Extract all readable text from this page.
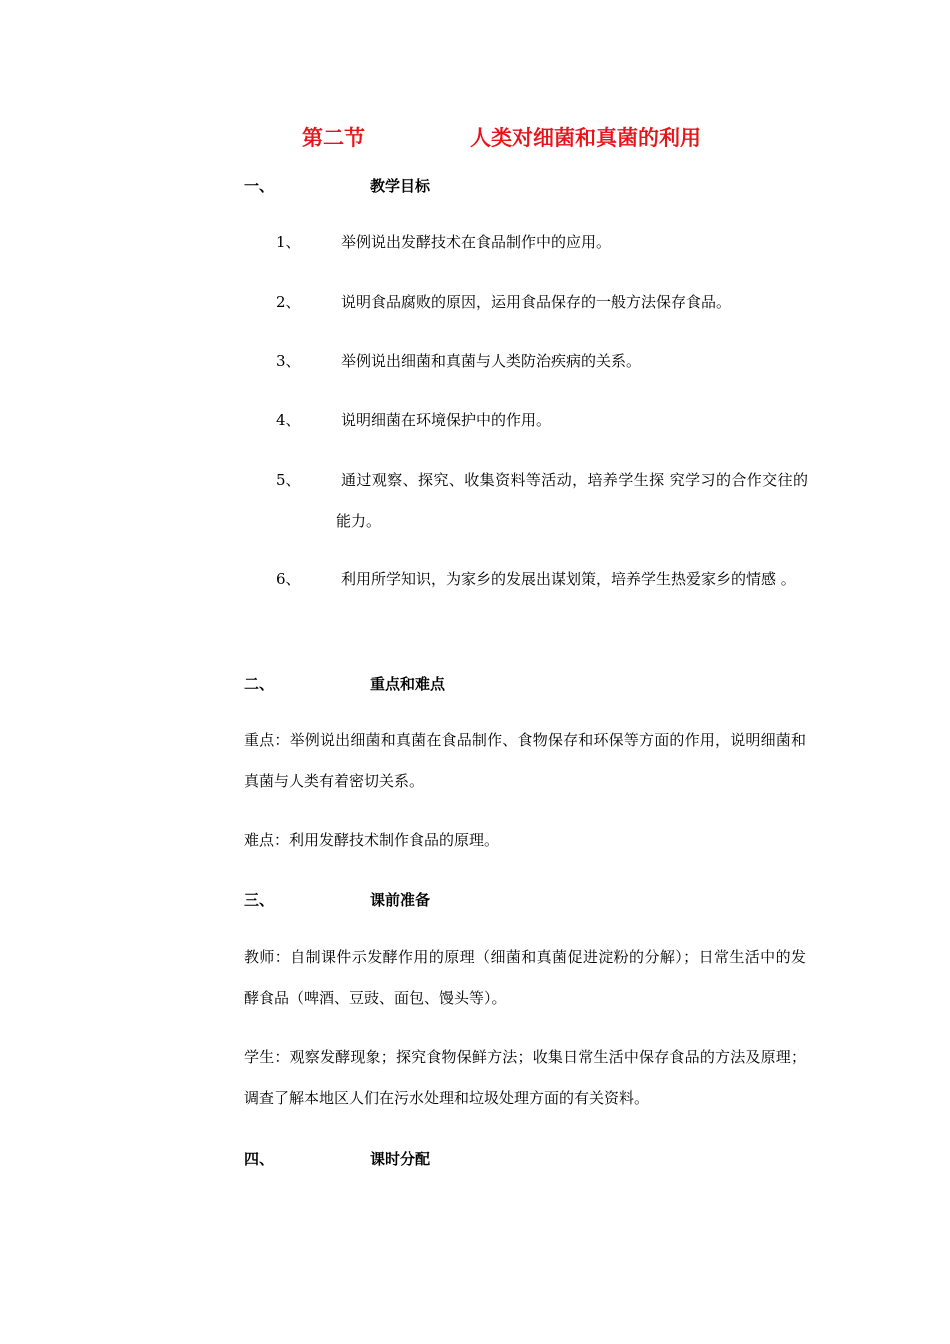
第二节	人类对细菌和真菌的利用
一、	教学目标
1、	举例说出发酵技术在食品制作中的应用。
2、	说明食品腐败的原因，运用食品保存的一般方法保存食品。
3、	举例说出细菌和真菌与人类防治疾病的关系。
4、	说明细菌在环境保护中的作用。
5、	通过观察、探究、收集资料等活动，培养学生探 究学习的合作交往的能力。
6、	利用所学知识，为家乡的发展出谋划策，培养学生热爱家乡的情感 。
二、	重点和难点
重点：举例说出细菌和真菌在食品制作、食物保存和环保等方面的作用，说明细菌和真菌与人类有着密切关系。
难点：利用发酵技术制作食品的原理。
三、	课前准备
教师：自制课件示发酵作用的原理（细菌和真菌促进淀粉的分解）；日常生活中的发酵食品（啤酒、豆豉、面包、馒头等）。
学生：观察发酵现象；探究食物保鲜方法；收集日常生活中保存食品的方法及原理；调查了解本地区人们在污水处理和垃圾处理方面的有关资料。
四、	课时分配
